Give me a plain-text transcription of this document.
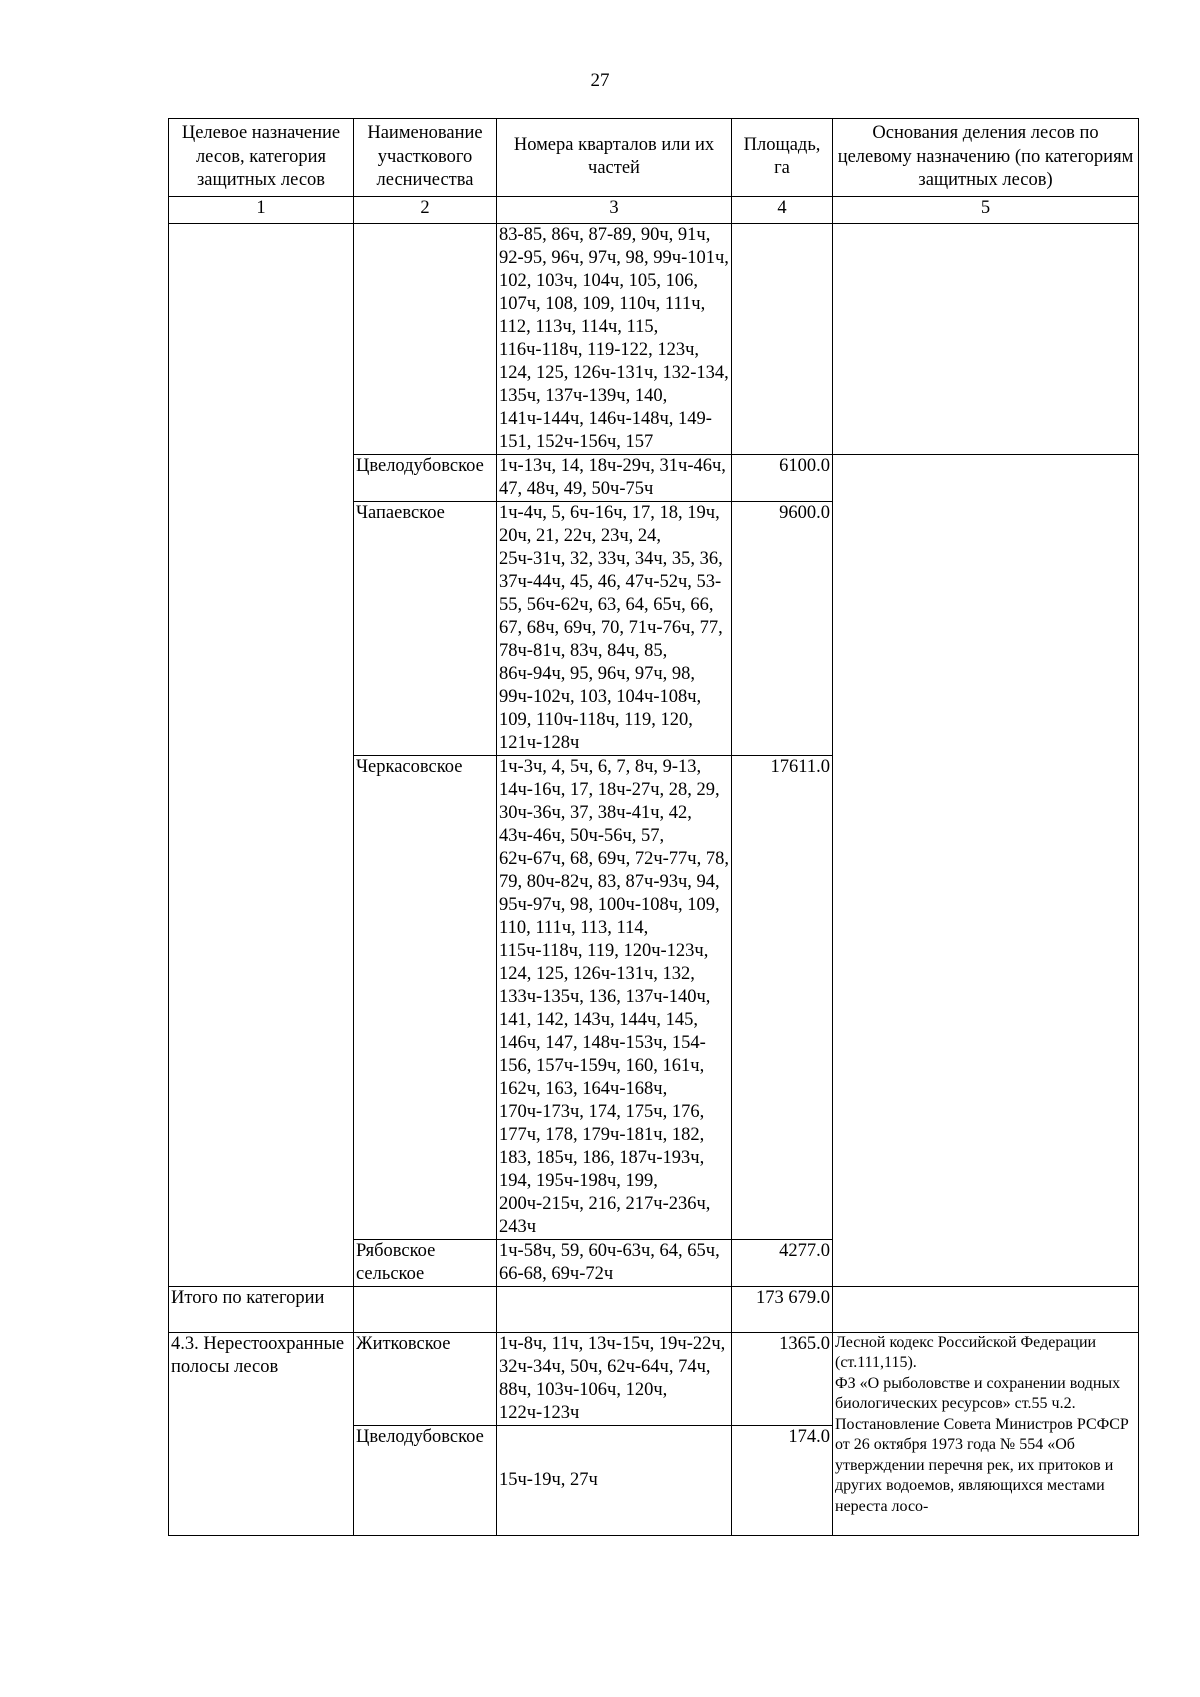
27
Целевое назначение лесов, категория защитных лесов	Наименование участкового лесничества	Номера кварталов или их частей	Площадь, га	Основания деления лесов по целевому назначению (по категориям защитных лесов)
1	2	3	4	5
		83-85, 86ч, 87-89, 90ч, 91ч, 92-95, 96ч, 97ч, 98, 99ч-101ч, 102, 103ч, 104ч, 105, 106, 107ч, 108, 109, 110ч, 111ч, 112, 113ч, 114ч, 115, 116ч-118ч, 119-122, 123ч, 124, 125, 126ч-131ч, 132-134, 135ч, 137ч-139ч, 140, 141ч-144ч, 146ч-148ч, 149-151, 152ч-156ч, 157		
	Цвелодубовское	1ч-13ч, 14, 18ч-29ч, 31ч-46ч, 47, 48ч, 49, 50ч-75ч	6100.0	
	Чапаевское	1ч-4ч, 5, 6ч-16ч, 17, 18, 19ч, 20ч, 21, 22ч, 23ч, 24, 25ч-31ч, 32, 33ч, 34ч, 35, 36, 37ч-44ч, 45, 46, 47ч-52ч, 53-55, 56ч-62ч, 63, 64, 65ч, 66, 67, 68ч, 69ч, 70, 71ч-76ч, 77, 78ч-81ч, 83ч, 84ч, 85, 86ч-94ч, 95, 96ч, 97ч, 98, 99ч-102ч, 103, 104ч-108ч, 109, 110ч-118ч, 119, 120, 121ч-128ч	9600.0	
	Черкасовское	1ч-3ч, 4, 5ч, 6, 7, 8ч, 9-13, 14ч-16ч, 17, 18ч-27ч, 28, 29, 30ч-36ч, 37, 38ч-41ч, 42, 43ч-46ч, 50ч-56ч, 57, 62ч-67ч, 68, 69ч, 72ч-77ч, 78, 79, 80ч-82ч, 83, 87ч-93ч, 94, 95ч-97ч, 98, 100ч-108ч, 109, 110, 111ч, 113, 114, 115ч-118ч, 119, 120ч-123ч, 124, 125, 126ч-131ч, 132, 133ч-135ч, 136, 137ч-140ч, 141, 142, 143ч, 144ч, 145, 146ч, 147, 148ч-153ч, 154-156, 157ч-159ч, 160, 161ч, 162ч, 163, 164ч-168ч, 170ч-173ч, 174, 175ч, 176, 177ч, 178, 179ч-181ч, 182, 183, 185ч, 186, 187ч-193ч, 194, 195ч-198ч, 199, 200ч-215ч, 216, 217ч-236ч, 243ч	17611.0	
	Рябовское сельское	1ч-58ч, 59, 60ч-63ч, 64, 65ч, 66-68, 69ч-72ч	4277.0	
Итого по категории			173 679.0	
4.3. Нерестоохранные полосы лесов	Житковское	1ч-8ч, 11ч, 13ч-15ч, 19ч-22ч, 32ч-34ч, 50ч, 62ч-64ч, 74ч, 88ч, 103ч-106ч, 120ч, 122ч-123ч	1365.0	Лесной кодекс Российской Федерации (ст.111,115).
ФЗ «О рыболовстве и сохранении водных биологических ресурсов» ст.55 ч.2.
Постановление Совета Министров РСФСР от 26 октября 1973 года № 554 «Об утверждении перечня рек, их притоков и других водоемов, являющихся местами нереста лосо-

	Цвелодубовское	15ч-19ч, 27ч	174.0	
